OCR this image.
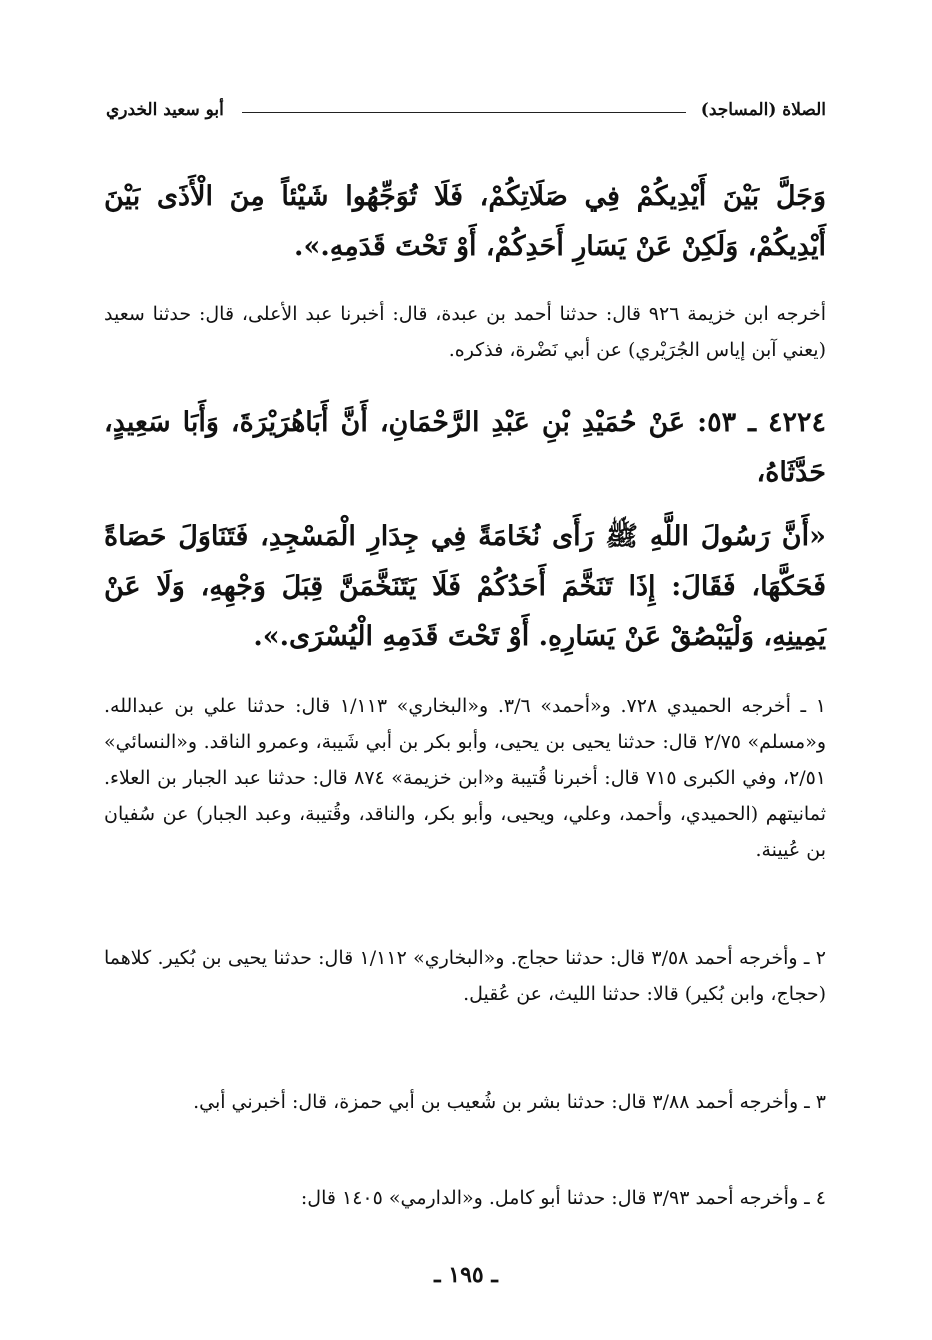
الصلاة (المساجد)
أبو سعيد الخدري

وَجَلَّ بَيْنَ أَيْدِيكُمْ فِي صَلَاتِكُمْ، فَلَا تُوَجِّهُوا شَيْئاً مِنَ الْأَذَى بَيْنَ أَيْدِيكُمْ، وَلَكِنْ عَنْ يَسَارِ أَحَدِكُمْ، أَوْ تَحْتَ قَدَمِهِ.».

أخرجه ابن خزيمة ٩٢٦ قال: حدثنا أحمد بن عبدة، قال: أخبرنا عبد الأعلى، قال: حدثنا سعيد (يعني آبن إياس الجُرَيْري) عن أبي نَضْرة، فذكره.

٤٢٢٤ ـ ٥٣: عَنْ حُمَيْدِ بْنِ عَبْدِ الرَّحْمَانِ، أَنَّ أَبَاهُرَيْرَةَ، وَأَبَا سَعِيدٍ، حَدَّثَاهُ،

«أَنَّ رَسُولَ اللَّهِ ﷺ رَأَى نُخَامَةً فِي جِدَارِ الْمَسْجِدِ، فَتَنَاوَلَ حَصَاةً فَحَكَّهَا، فَقَالَ: إِذَا تَنَخَّمَ أَحَدُكُمْ فَلَا يَتَنَخَّمَنَّ قِبَلَ وَجْهِهِ، وَلَا عَنْ يَمِينِهِ، وَلْيَبْصُقْ عَنْ يَسَارِهِ. أَوْ تَحْتَ قَدَمِهِ الْيُسْرَى.».

١ ـ أخرجه الحميدي ٧٢٨. و«أحمد» ٣/٦. و«البخاري» ١/١١٣ قال: حدثنا علي بن عبدالله. و«مسلم» ٢/٧٥ قال: حدثنا يحيى بن يحيى، وأبو بكر بن أبي شَيبة، وعمرو الناقد. و«النسائي» ٢/٥١، وفي الكبرى ٧١٥ قال: أخبرنا قُتيبة و«ابن خزيمة» ٨٧٤ قال: حدثنا عبد الجبار بن العلاء. ثمانيتهم (الحميدي، وأحمد، وعلي، ويحيى، وأبو بكر، والناقد، وقُتيبة، وعبد الجبار) عن سُفيان بن عُيينة.

٢ ـ وأخرجه أحمد ٣/٥٨ قال: حدثنا حجاج. و«البخاري» ١/١١٢ قال: حدثنا يحيى بن بُكير. كلاهما (حجاج، وابن بُكير) قالا: حدثنا الليث، عن عُقيل.

٣ ـ وأخرجه أحمد ٣/٨٨ قال: حدثنا بشر بن شُعيب بن أبي حمزة، قال: أخبرني أبي.

٤ ـ وأخرجه أحمد ٣/٩٣ قال: حدثنا أبو كامل. و«الدارمي» ١٤٠٥ قال:

ـ ١٩٥ ـ
